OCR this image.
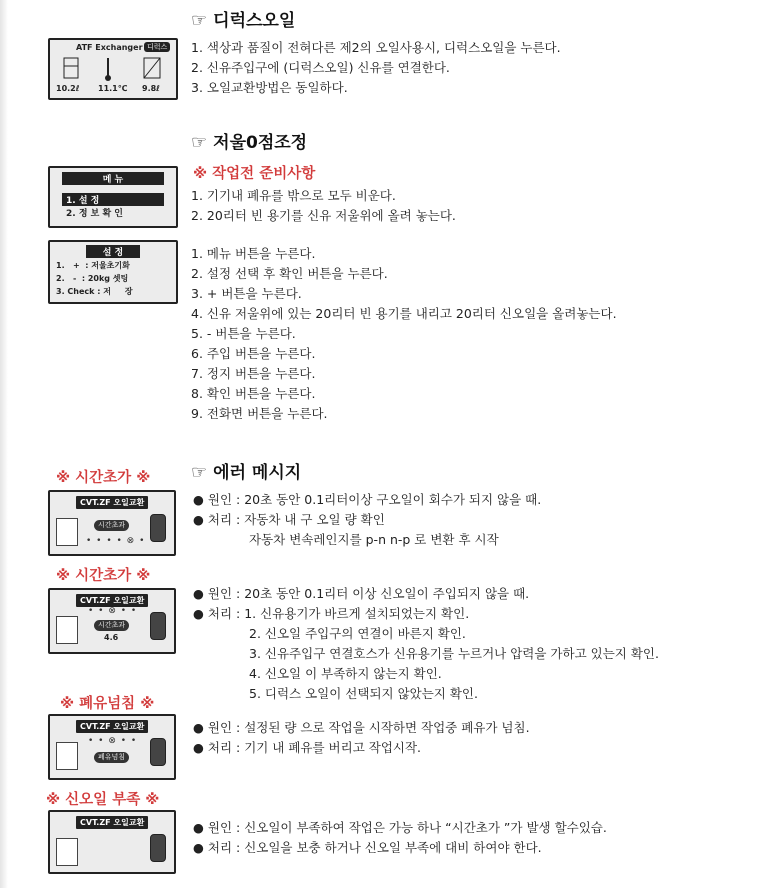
☞ 디럭스오일
ATF Exchanger 디럭스
10.2ℓ 11.1℃ 9.8ℓ
1. 색상과 품질이 전혀다른 제2의 오일사용시, 디럭스오일을 누른다.
2. 신유주입구에 (디럭스오일) 신유를 연결한다.
3. 오일교환방법은 동일하다.
☞ 저울0점조정
※ 작업전 준비사항
메 뉴
1. 설 정
2. 정 보 확 인
1. 기기내 폐유를 밖으로 모두 비운다.
2. 20리터 빈 용기를 신유 저울위에 올려 놓는다.
설 정
1.   +  : 저울초기화
2.   -  : 20kg 셋팅
3. Check : 저     장
1. 메뉴 버튼을 누른다.
2. 설정 선택 후 확인 버튼을 누른다.
3. + 버튼을 누른다.
4. 신유 저울위에 있는 20리터 빈 용기를 내리고 20리터 신오일을 올려놓는다.
5. - 버튼을 누른다.
6. 주입 버튼을 누른다.
7. 정지 버튼을 누른다.
8. 확인 버튼을 누른다.
9. 전화면 버튼을 누른다.
☞ 에러 메시지
※ 시간초가 ※
CVT.ZF 오일교환
시간초과
• • • • ⊗ •
● 원인 : 20초 동안 0.1리터이상 구오일이 회수가 되지 않을 때.
● 처리 : 자동차 내 구 오일 량 확인
자동차 변속레인지를 p-n n-p 로 변환 후 시작
※ 시간초가 ※
CVT.ZF 오일교환
• • ⊗ • •
시간초과
4.6
● 원인 : 20초 동안 0.1리터 이상 신오일이 주입되지 않을 때.
● 처리 : 1. 신유용기가 바르게 설치되었는지 확인.
2. 신오일 주입구의 연결이 바른지 확인.
3. 신유주입구 연결호스가 신유용기를 누르거나 압력을 가하고 있는지 확인.
4. 신오일 이 부족하지 않는지 확인.
5. 디럭스 오일이 선택되지 않았는지 확인.
※ 폐유넘침 ※
CVT.ZF 오일교환
• • ⊗ • •
폐유넘침
● 원인 : 설정된 량 으로 작업을 시작하면 작업중 폐유가 넘침.
● 처리 : 기기 내 폐유를 버리고 작업시작.
※ 신오일 부족 ※
CVT.ZF 오일교환	● 원인 : 신오일이 부족하여 작업은 가능 하나 “시간초가 ”가 발생 할수있습.
● 처리 : 신오일을 보충 하거나 신오일 부족에 대비 하여야 한다.
